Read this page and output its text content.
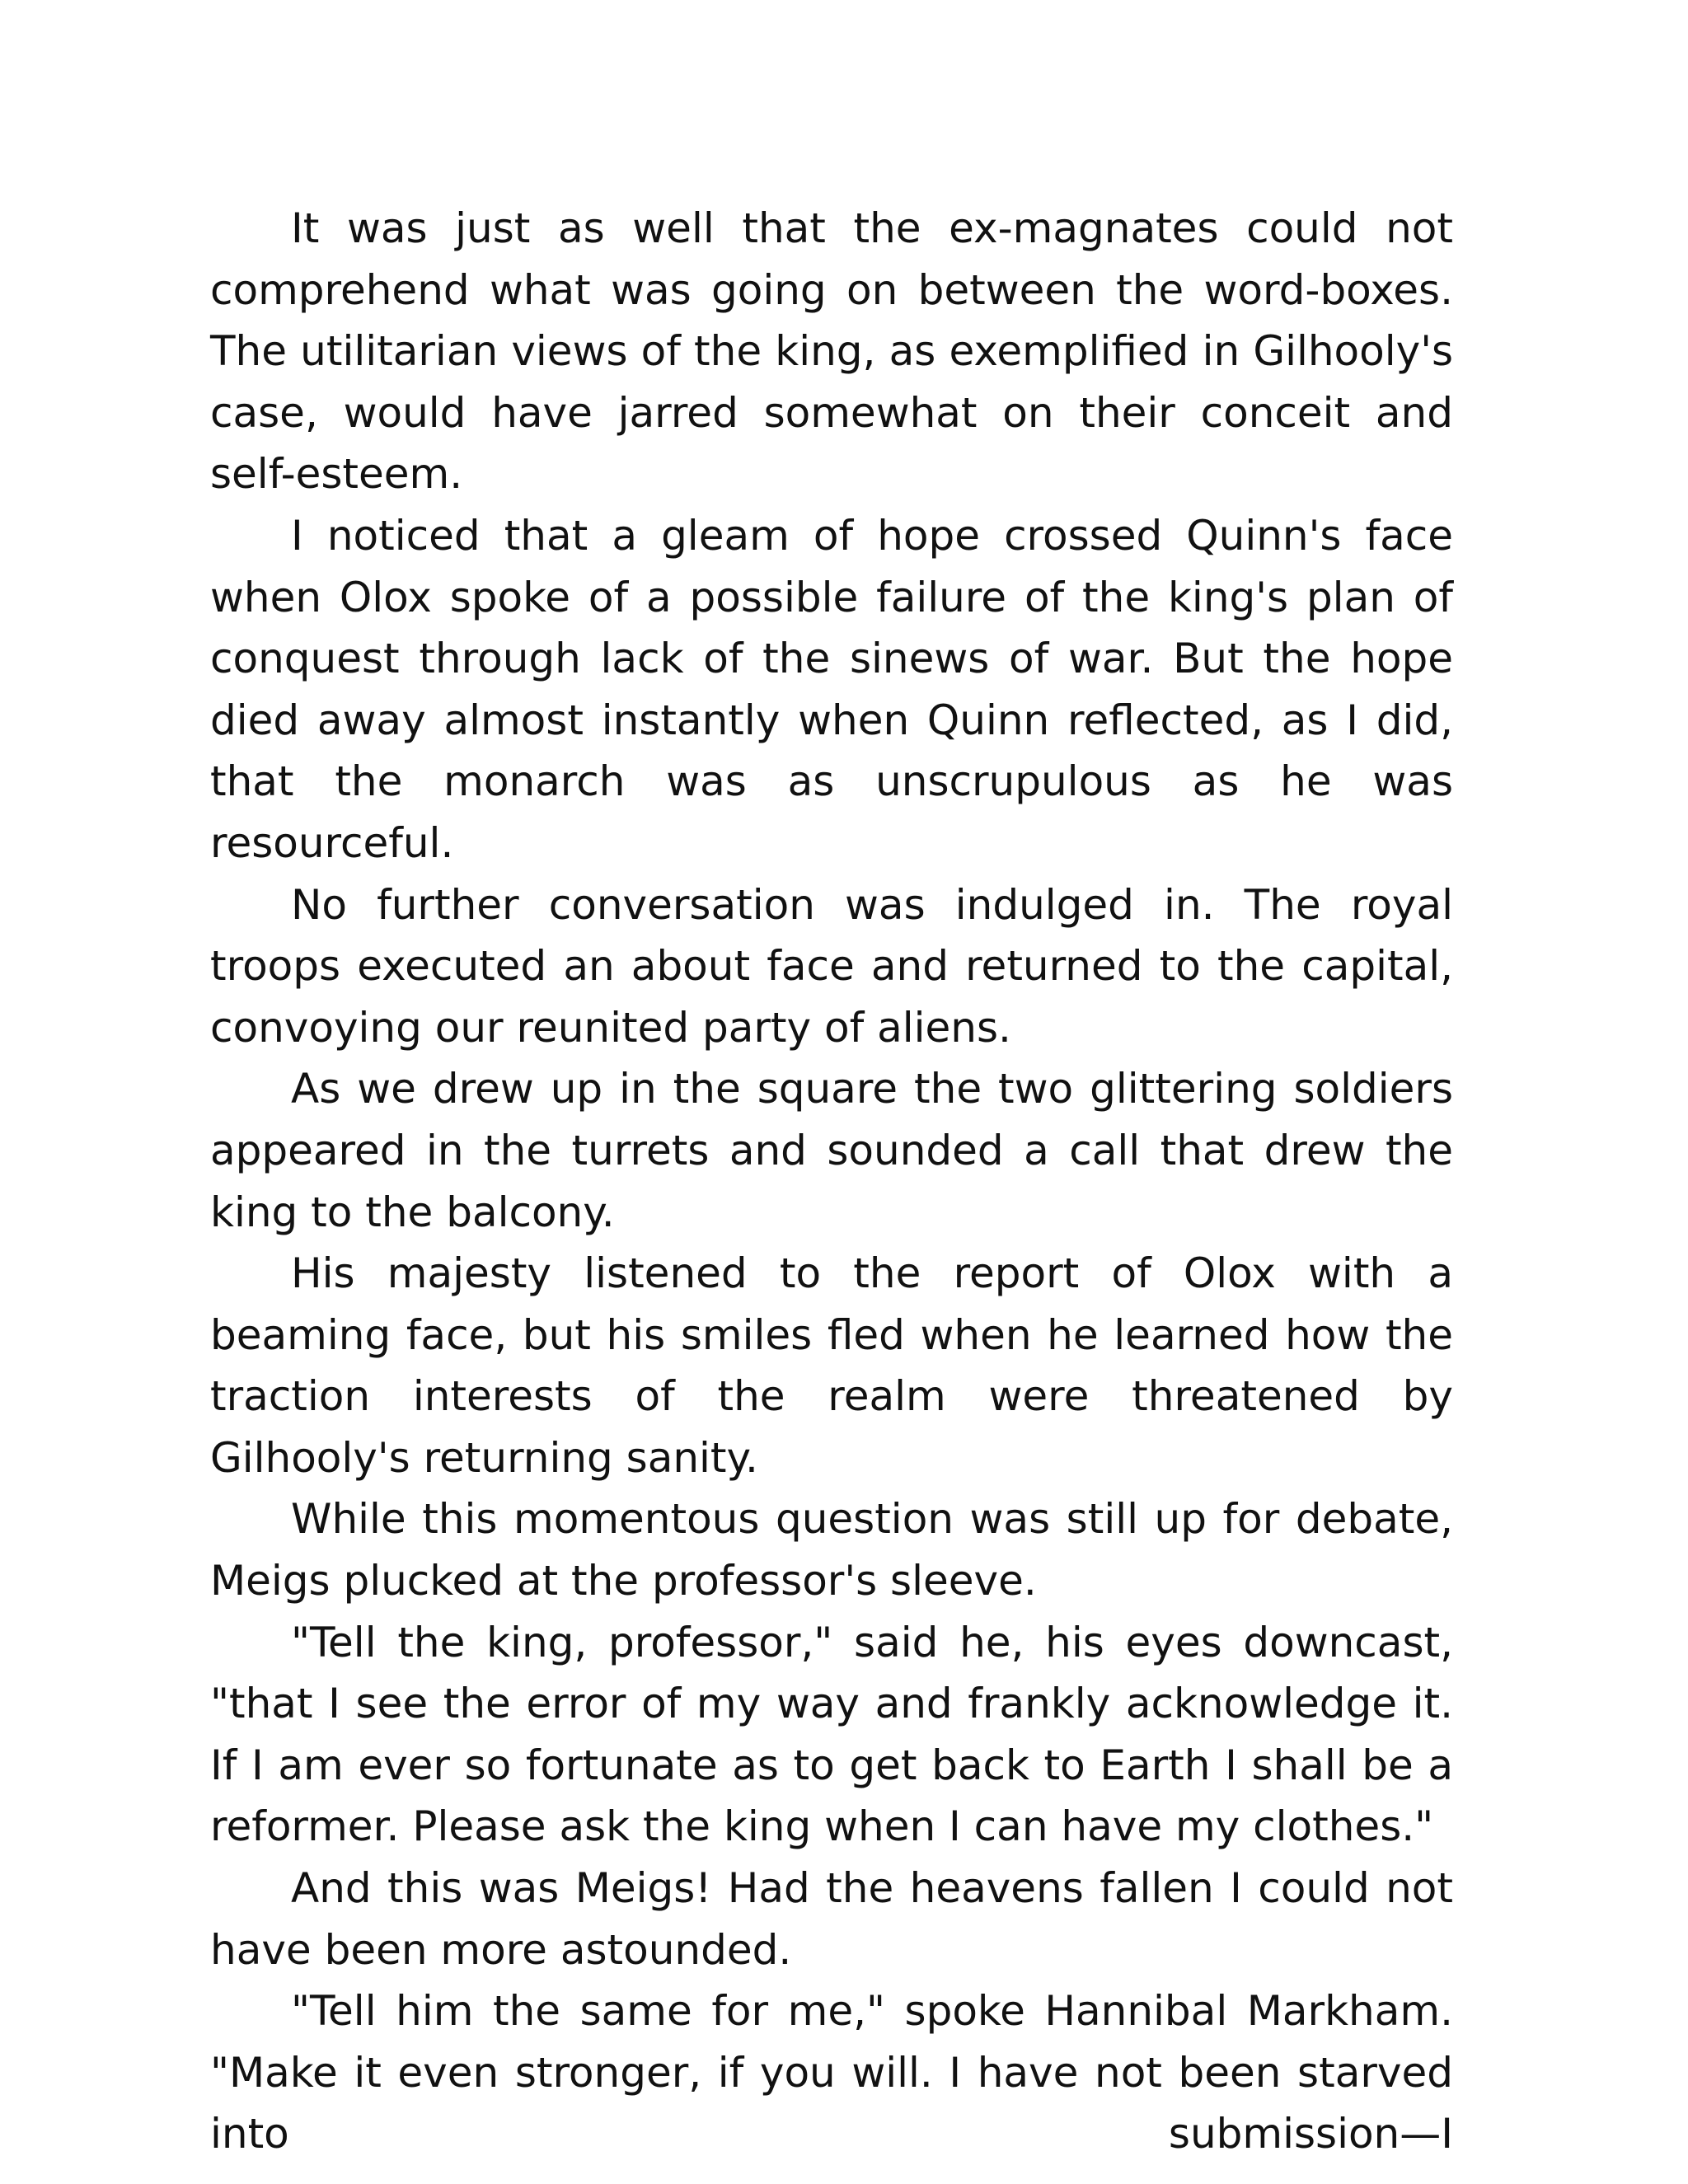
It was just as well that the ex-magnates could not comprehend what was going on between the word-boxes. The utilitarian views of the king, as exemplified in Gilhooly's case, would have jarred somewhat on their conceit and self-esteem.

I noticed that a gleam of hope crossed Quinn's face when Olox spoke of a possible failure of the king's plan of conquest through lack of the sinews of war. But the hope died away almost instantly when Quinn reflected, as I did, that the monarch was as unscrupulous as he was resourceful.

No further conversation was indulged in. The royal troops executed an about face and returned to the capital, convoying our reunited party of aliens.

As we drew up in the square the two glittering soldiers appeared in the turrets and sounded a call that drew the king to the balcony.

His majesty listened to the report of Olox with a beaming face, but his smiles fled when he learned how the traction interests of the realm were threatened by Gilhooly's returning sanity.

While this momentous question was still up for debate, Meigs plucked at the professor's sleeve.

"Tell the king, professor," said he, his eyes downcast, "that I see the error of my way and frankly acknowledge it. If I am ever so fortunate as to get back to Earth I shall be a reformer. Please ask the king when I can have my clothes."

And this was Meigs! Had the heavens fallen I could not have been more astounded.

"Tell him the same for me," spoke Hannibal Markham. "Make it even stronger, if you will. I have not been starved into submission—I
